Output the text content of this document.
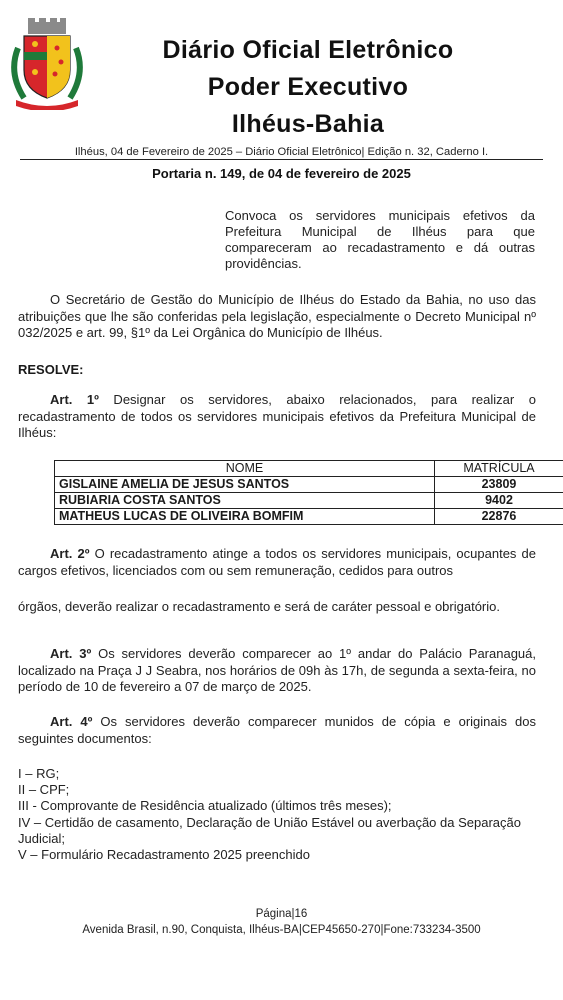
Diário Oficial Eletrônico
Poder Executivo
Ilhéus-Bahia
Ilhéus, 04 de Fevereiro de 2025 – Diário Oficial Eletrônico| Edição n. 32, Caderno I.
Portaria n. 149, de 04 de fevereiro de 2025
Convoca os servidores municipais efetivos da Prefeitura Municipal de Ilhéus para que compareceram ao recadastramento e dá outras providências.
O Secretário de Gestão do Município de Ilhéus do Estado da Bahia, no uso das atribuições que lhe são conferidas pela legislação, especialmente o Decreto Municipal nº 032/2025 e art. 99, §1º da Lei Orgânica do Município de Ilhéus.
RESOLVE:
Art. 1º Designar os servidores, abaixo relacionados, para realizar o recadastramento de todos os servidores municipais efetivos da Prefeitura Municipal de Ilhéus:
NOME	MATRÍCULA
GISLAINE AMELIA DE JESUS SANTOS	23809
RUBIARIA COSTA SANTOS	9402
MATHEUS LUCAS DE OLIVEIRA BOMFIM	22876
Art. 2º O recadastramento atinge a todos os servidores municipais, ocupantes de cargos efetivos, licenciados com ou sem remuneração, cedidos para outros
órgãos, deverão realizar o recadastramento e será de caráter pessoal e obrigatório.
Art. 3º Os servidores deverão comparecer ao 1º andar do Palácio Paranaguá, localizado na Praça J J Seabra, nos horários de 09h às 17h, de segunda a sexta-feira, no período de 10 de fevereiro a 07 de março de 2025.
Art. 4º Os servidores deverão comparecer munidos de cópia e originais dos seguintes documentos:
I – RG;
II – CPF;
III - Comprovante de Residência atualizado (últimos três meses);
IV – Certidão de casamento, Declaração de União Estável ou averbação da Separação Judicial;
V – Formulário Recadastramento 2025 preenchido
Página|16
Avenida Brasil, n.90, Conquista, Ilhéus-BA|CEP45650-270|Fone:733234-3500
